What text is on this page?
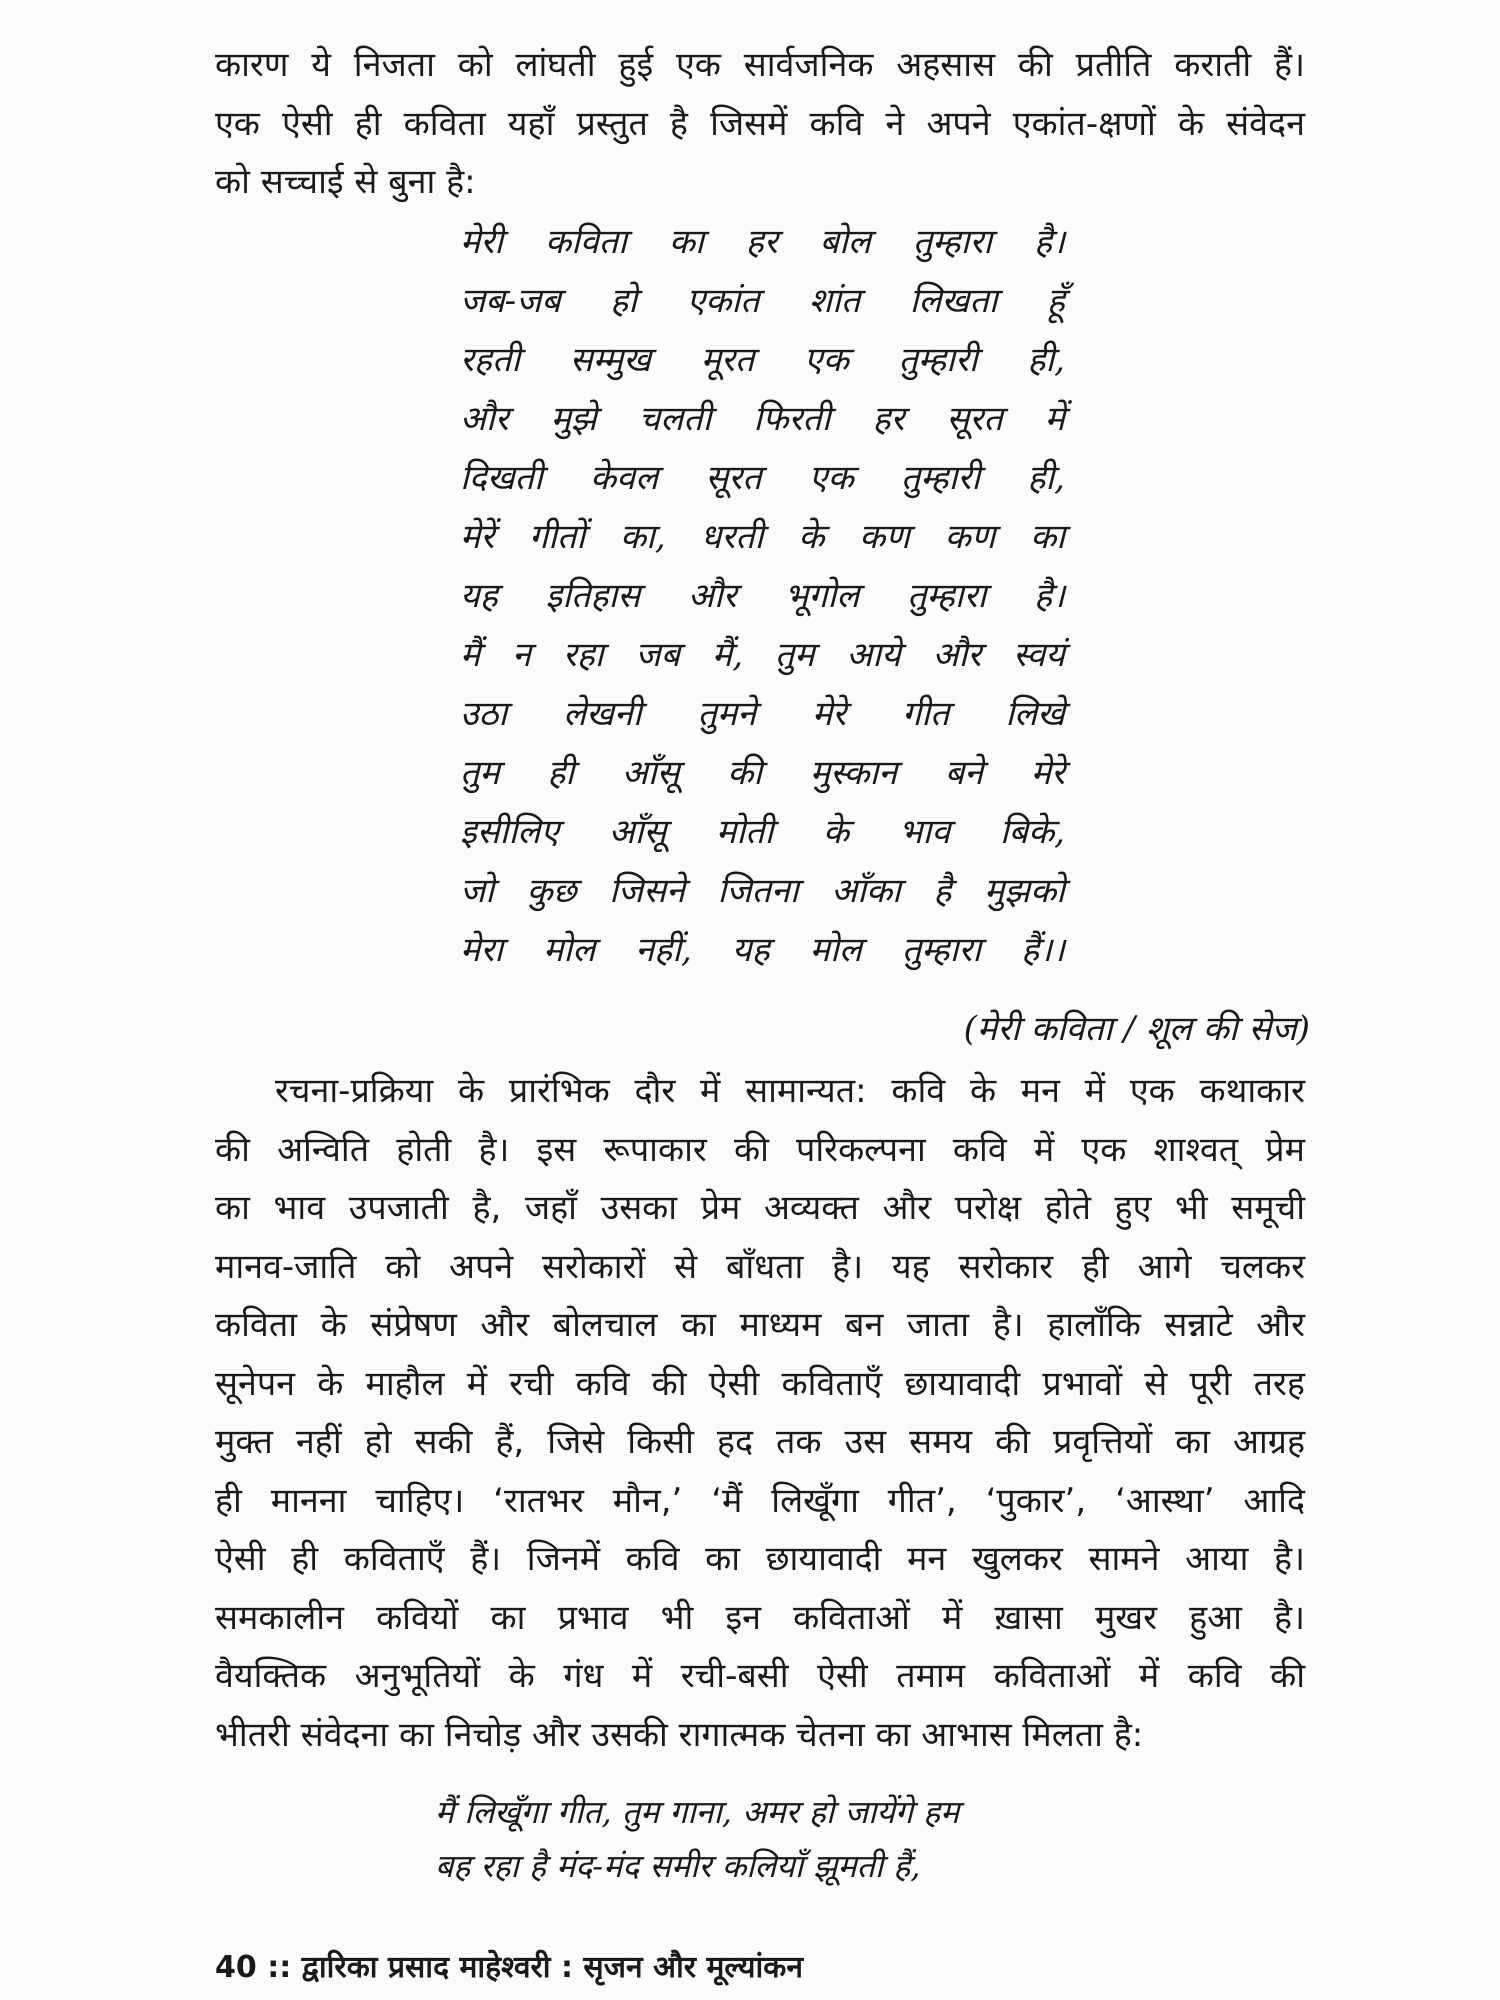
कारण ये निजता को लांघती हुई एक सार्वजनिक अहसास की प्रतीति कराती हैं।
एक ऐसी ही कविता यहाँ प्रस्तुत है जिसमें कवि ने अपने एकांत-क्षणों के संवेदन
को सच्चाई से बुना है:

मेरी कविता का हर बोल तुम्हारा है।
जब-जब हो एकांत शांत लिखता हूँ
रहती सम्मुख मूरत एक तुम्हारी ही,
और मुझे चलती फिरती हर सूरत में
दिखती केवल सूरत एक तुम्हारी ही,
मेरें गीतों का, धरती के कण कण का
यह इतिहास और भूगोल तुम्हारा है।
मैं न रहा जब मैं, तुम आये और स्वयं
उठा लेखनी तुमने मेरे गीत लिखे
तुम ही आँसू की मुस्कान बने मेरे
इसीलिए आँसू मोती के भाव बिके,
जो कुछ जिसने जितना आँका है मुझको
मेरा मोल नहीं, यह मोल तुम्हारा हैं।।
(मेरी कविता / शूल की सेज)

रचना-प्रक्रिया के प्रारंभिक दौर में सामान्यत: कवि के मन में एक कथाकार
की अन्विति होती है। इस रूपाकार की परिकल्पना कवि में एक शाश्वत् प्रेम
का भाव उपजाती है, जहाँ उसका प्रेम अव्यक्त और परोक्ष होते हुए भी समूची
मानव-जाति को अपने सरोकारों से बाँधता है। यह सरोकार ही आगे चलकर
कविता के संप्रेषण और बोलचाल का माध्यम बन जाता है। हालाँकि सन्नाटे और
सूनेपन के माहौल में रची कवि की ऐसी कविताएँ छायावादी प्रभावों से पूरी तरह
मुक्त नहीं हो सकी हैं, जिसे किसी हद तक उस समय की प्रवृत्तियों का आग्रह
ही मानना चाहिए। ‘रातभर मौन,’ ‘मैं लिखूँगा गीत’, ‘पुकार’, ‘आस्था’ आदि
ऐसी ही कविताएँ हैं। जिनमें कवि का छायावादी मन खुलकर सामने आया है।
समकालीन कवियों का प्रभाव भी इन कविताओं में ख़ासा मुखर हुआ है।
वैयक्तिक अनुभूतियों के गंध में रची-बसी ऐसी तमाम कविताओं में कवि की
भीतरी संवेदना का निचोड़ और उसकी रागात्मक चेतना का आभास मिलता है:

मैं लिखूँगा गीत, तुम गाना, अमर हो जायेंगे हम
बह रहा है मंद-मंद समीर कलियाँ झूमती हैं,
40 :: द्वारिका प्रसाद माहेश्वरी : सृजन और मूल्यांकन
